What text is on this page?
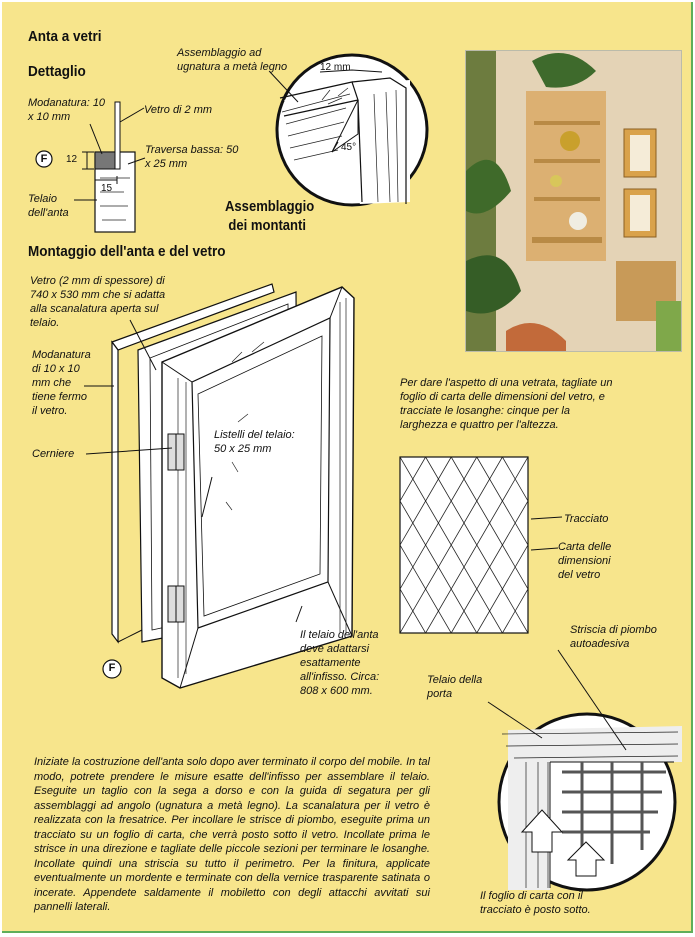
Anta a vetri
Dettaglio
Montaggio dell'anta e del vetro
Modanatura: 10 x 10 mm
Vetro di 2 mm
Traversa bassa: 50 x 25 mm
Telaio dell'anta
12
15
F
Assemblaggio ad ugnatura a metà legno	12 mm
45°
Assemblaggio dei montanti
Vetro (2 mm di spessore) di 740 x 530 mm che si adatta alla scanalatura aperta sul telaio.
Modanatura di 10 x 10 mm che tiene fermo il vetro.
Cerniere
Listelli del telaio: 50 x 25 mm
Il telaio dell'anta deve adattarsi esattamente all'infisso. Circa: 808 x 600 mm.
F
Per dare l'aspetto di una vetrata, tagliate un foglio di carta delle dimensioni del vetro, e tracciate le losanghe: cinque per la larghezza e quattro per l'altezza.
Tracciato
Carta delle dimensioni del vetro
Striscia di piombo autoadesiva
Telaio della porta
Il foglio di carta con il tracciato è posto sotto.
Iniziate la costruzione dell'anta solo dopo aver terminato il corpo del mobile. In tal modo, potrete prendere le misure esatte dell'infisso per assemblare il telaio. Eseguite un taglio con la sega a dorso e con la guida di segatura per gli assemblaggi ad angolo (ugnatura a metà legno). La scanalatura per il vetro è realizzata con la fresatrice. Per incollare le strisce di piombo, eseguite prima un tracciato su un foglio di carta, che verrà posto sotto il vetro. Incollate prima le strisce in una direzione e tagliate delle piccole sezioni per terminare le losanghe. Incollate quindi una striscia su tutto il perimetro. Per la finitura, applicate eventualmente un mordente e terminate con della vernice trasparente satinata o incerate. Appendete saldamente il mobiletto con degli attacchi avvitati sui pannelli laterali.
